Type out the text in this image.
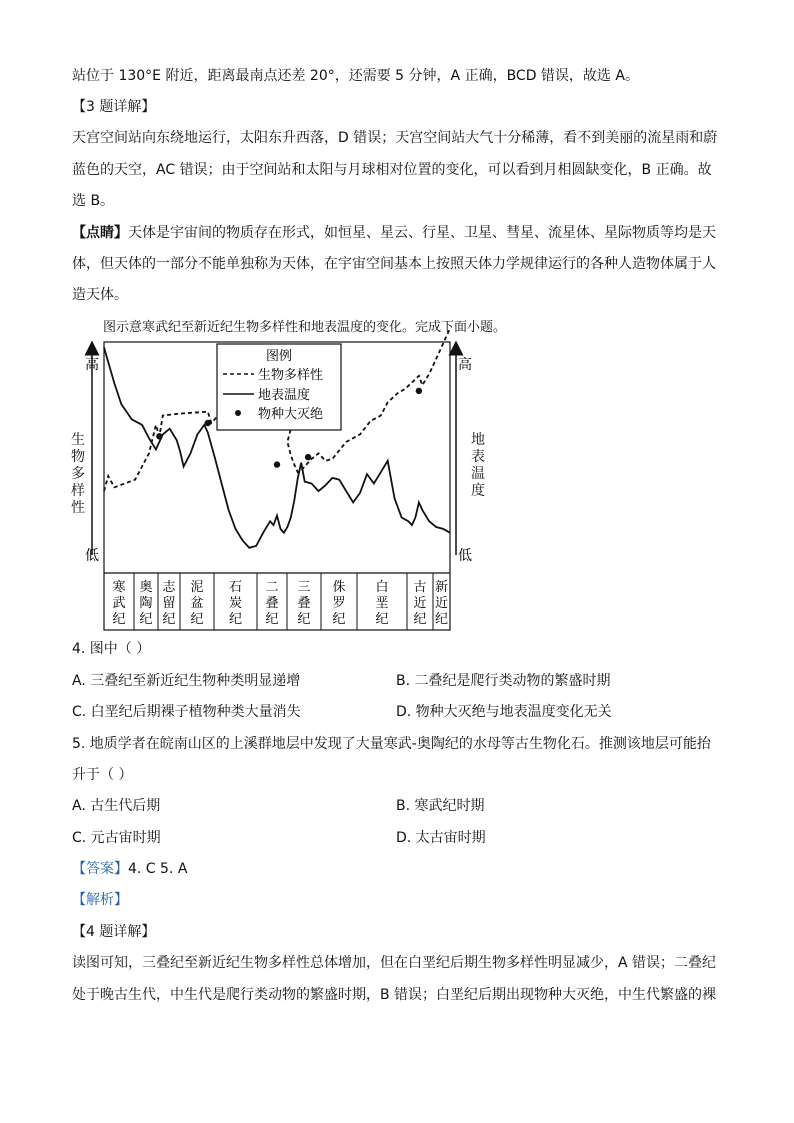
站位于 130°E 附近，距离最南点还差 20°，还需要 5 分钟，A 正确，BCD 错误，故选 A。
【3 题详解】
天宫空间站向东绕地运行，太阳东升西落，D 错误；天宫空间站大气十分稀薄，看不到美丽的流星雨和蔚
蓝色的天空，AC 错误；由于空间站和太阳与月球相对位置的变化，可以看到月相圆缺变化，B 正确。故
选 B。
【点睛】天体是宇宙间的物质存在形式，如恒星、星云、行星、卫星、彗星、流星体、星际物质等均是天
体，但天体的一部分不能单独称为天体，在宇宙空间基本上按照天体力学规律运行的各种人造物体属于人
造天体。
图示意寒武纪至新近纪生物多样性和地表温度的变化。完成下面小题。
生
物
多
样
性
地
表
温
度
高
低
高
低
寒
武
纪
奥
陶
纪
志
留
纪
泥
盆
纪
石
炭
纪
二
叠
纪
三
叠
纪
侏
罗
纪
白
垩
纪
古
近
纪
新
近
纪
图例
生物多样性
地表温度
物种大灭绝
4. 图中（ ）
A. 三叠纪至新近纪生物种类明显递增	B. 二叠纪是爬行类动物的繁盛时期
C. 白垩纪后期裸子植物种类大量消失	D. 物种大灭绝与地表温度变化无关
5. 地质学者在皖南山区的上溪群地层中发现了大量寒武-奥陶纪的水母等古生物化石。推测该地层可能抬
升于（ ）
A. 古生代后期	B. 寒武纪时期
C. 元古宙时期	D. 太古宙时期
【答案】4. C 5. A
【解析】
【4 题详解】
读图可知，三叠纪至新近纪生物多样性总体增加，但在白垩纪后期生物多样性明显减少，A 错误；二叠纪
处于晚古生代，中生代是爬行类动物的繁盛时期，B 错误；白垩纪后期出现物种大灭绝，中生代繁盛的裸
